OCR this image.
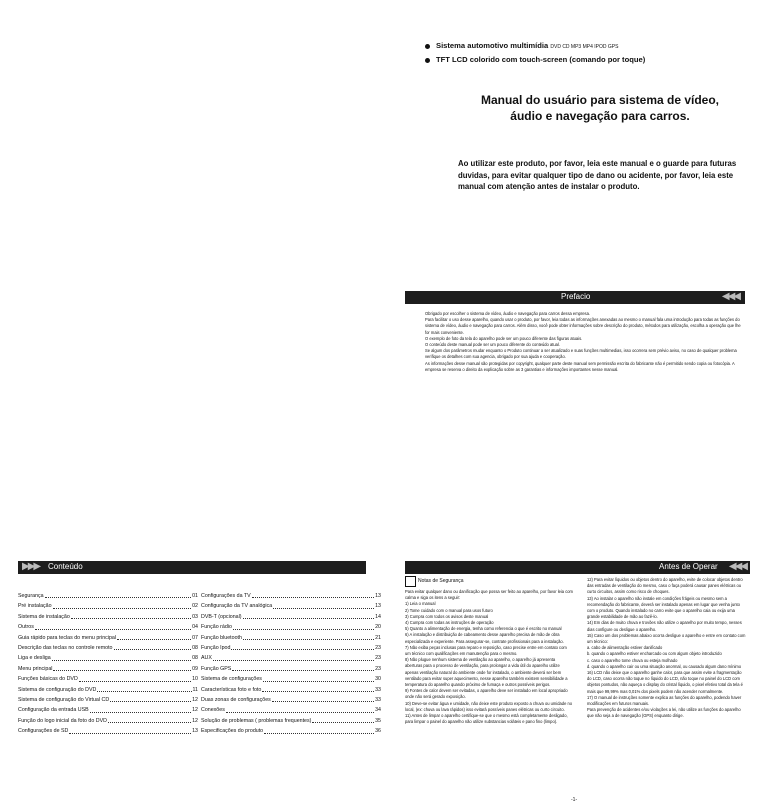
Sistema automotivo multimídia DVD CD MP3 MP4 IPOD GPS
TFT LCD colorido com touch-screen (comando por toque)
Manual do usuário para sistema de vídeo,
áudio e navegação para carros.
Ao utilizar este produto, por favor, leia este manual e o guarde para futuras duvidas, para evitar qualquer tipo de dano ou acidente, por favor, leia este manual com atenção antes de instalar o produto.
Prefacio	◀◀◀

Obrigado por escolher o sistema de vídeo, áudio e navegação para carros dessa empresa.

Para facilitar o uso desse aparelho, quando usar o produto, por favor, leia todas as informações anexadas ao mesmo o manual fala uma introdução para todas as funções do sistema de vídeo, áudio e navegação para carros. Além disso, você pode obter informações sobre descrição do produto, métodos para utilização, escolha a operação que lhe for mais conveniente.

O exemplo de foto da tela do aparelho pode ser um pouco diferente das figuras atuais.

O conteúdo deste manual pode ser um pouco diferente do conteúdo atual.

Se algum dos parâmetros mudar enquanto o Produto continuar a ser atualizado e suas funções multimedias, isso ocorrera sem prévio aviso, no caso de qualquer problema verifique os detalhes com sua agencia, obrigado por sua ajuda e cooperação.

As informações desse manual são protegidas por copyright, qualquer parte deste manual sem permissão escrita do fabricante não é permitido sendo copia ou fotocópia. A empresa se reserva o direito da explicação sobre as 3 garantias e informações importantes nesse manual.

▶▶▶ Conteúdo
Segurança	01
Pré instalação	02
Sistema de instalação	03
Outros	04
Guia rápido para teclas do menu principal	07
Descrição das teclas no controle remoto	08
Liga e desliga	08
Menu principal	09
Funções básicas do DVD	10
Sistema de configuração do DVD	11
Sistema de configuração do Virtual CD	12
Configuração da entrada USB	12
Função do logo inicial da foto do DVD	12
Configurações de SD	13
Configurações da TV	13
Configuração da TV analógica	13
DVB-T (opcional)	14
Função rádio	20
Função bluetooth	21
Função Ipod	23
AUX	23
Função GPS	23
Sistema de configurações	30
Características foto e foto	33
Duas zonas de configurações	33
Conexões	34
Solução de problemas ( problemas frequentes)	35
Especificações do produto	36
Antes de Operar ◀◀◀
Notas de Segurança

Para evitar qualquer dano ou danificação que possa ser feito ao aparelho, por favor leia com calma e siga os itens a seguir:

1) Leia o manual

2) Tome cuidado com o manual para usos futuro

3) Cumpra com todos os avisos deste manual

4) Cumpra com todas as instruções de operação

5) Quanto a alimentação de energia, tenha como referencia o que é escrito no manual

6) A instalação e distribuição de cabeamento desse aparelho precisa de mão de obra especializada e experiente. Para assegurar-se, contrate profissionais para a instalação.

7) Não exiba peças inclusas para reparo e reposição, caso precise entre em contato com um técnico com qualificações em manutenção para o mesmo.

8) Não plugue nenhum sistema de ventilação ao aparelho, o aparelho já apresenta aberturas para o processo de ventilação, para prolongar a vida útil do aparelho utilize apenas ventilação natural do ambiente onde for instalado, o ambiente deverá ser bem ventilado para evitar super aquecimento, nesse aparelho também existem sensibilidade a temperatura do aparelho quando próximo de fumaça e outros possíveis perigos.

9) Fontes de calor devem ser evitadas, o aparelho deve ser instalado em local apropriado onde não será gerado exposição.

10) Deve-se evitar água e umidade, não deixe este produto exposto a chuva ou umidade no local, (ex: chuva ou lava rápidos) isso evitará possíveis panes elétricas ou curto circuito.

11) Antes de limpar o aparelho certifique-se que o mesmo está completamente desligado, para limpar o painel do aparelho não utilize substancias voláteis e pano fino (limpo).

12) Para evitar líquidos ou objetos dentro do aparelho, evite de colocar objetos dentro das entradas de ventilação do mesmo, caso o faça poderá causar panes elétricas ou curto circuitos, assim como risco de choques.

13) Ao instalar o aparelho não instale em condições frágeis ou mesmo sem a recomendação do fabricante, deverá ser instalado apenas em lugar que venha junto com o produto. Quando instalado no carro evite que o aparelho caia ou exija uma grande estabilidade de mão ao fazê-lo.

14) Em dias de muito chuva e trovões não utilize o aparelho por muito tempo, nesses dias configure ou desligue o aparelho.

15) Caso um dos problemas abaixo ocorra desligue o aparelho e entre em contato com um técnico:

a. cabo de alimentação estiver danificado

b. quando o aparelho estiver encharcado ou com algum objeto introduzido

c. caso o aparelho tome chuva ou esteja molhado

d. quando o aparelho cair ou uma situação anormal, ou causado algum dano mínimo

16) LCD não deixe que o aparelho ganhe calor, para que assim evite a fragmentação do LCD, caso ocorra não toque no líquido do LCD, não toque no painel do LCD com objetos pontudos, não aqueça o display do cristal líquido, o pixel efetivo total da tela é mais que 99,99% mas 0,01% dos pixels podem não acender normalmente.

17) O manual de instruções somente explica as funções do aparelho, podendo haver modificações em futuros manuais.

Para prevenção de acidentes e/ou violações a lei, não utilize as funções do aparelho que não seja a de navegação (GPS) enquanto dirige.

-1-
